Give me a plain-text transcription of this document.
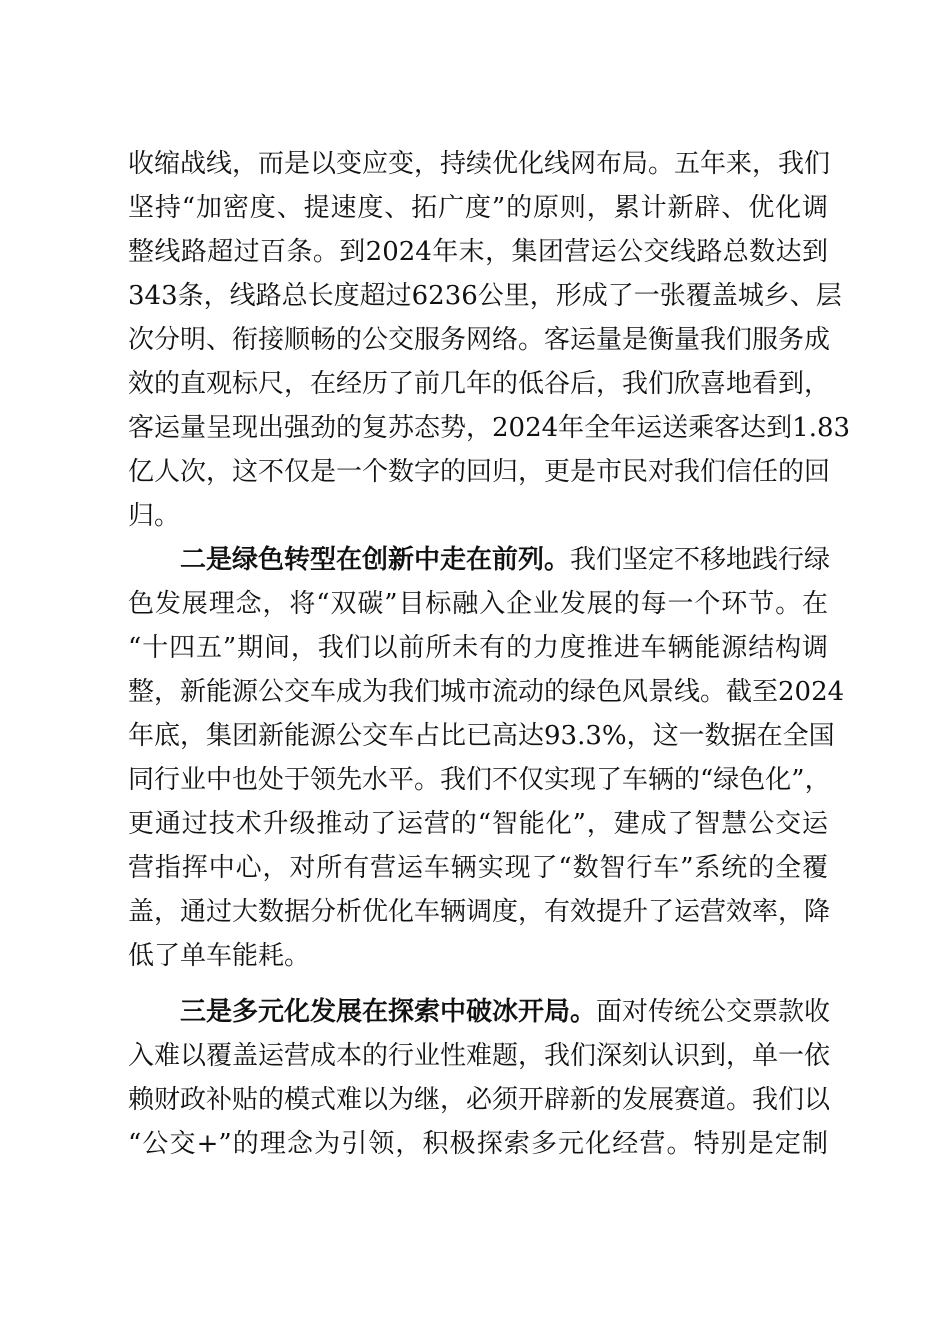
收缩战线，而是以变应变，持续优化线网布局。五年来，我们
坚持“加密度、提速度、拓广度”的原则，累计新辟、优化调
整线路超过百条。到2024年末，集团营运公交线路总数达到
343条，线路总长度超过6236公里，形成了一张覆盖城乡、层
次分明、衔接顺畅的公交服务网络。客运量是衡量我们服务成
效的直观标尺，在经历了前几年的低谷后，我们欣喜地看到，
客运量呈现出强劲的复苏态势，2024年全年运送乘客达到1.83
亿人次，这不仅是一个数字的回归，更是市民对我们信任的回
归。
二是绿色转型在创新中走在前列。我们坚定不移地践行绿
色发展理念，将“双碳”目标融入企业发展的每一个环节。在
“十四五”期间，我们以前所未有的力度推进车辆能源结构调
整，新能源公交车成为我们城市流动的绿色风景线。截至2024
年底，集团新能源公交车占比已高达93.3%，这一数据在全国
同行业中也处于领先水平。我们不仅实现了车辆的“绿色化”，
更通过技术升级推动了运营的“智能化”，建成了智慧公交运
营指挥中心，对所有营运车辆实现了“数智行车”系统的全覆
盖，通过大数据分析优化车辆调度，有效提升了运营效率，降
低了单车能耗。
三是多元化发展在探索中破冰开局。面对传统公交票款收
入难以覆盖运营成本的行业性难题，我们深刻认识到，单一依
赖财政补贴的模式难以为继，必须开辟新的发展赛道。我们以
“公交+”的理念为引领，积极探索多元化经营。特别是定制
